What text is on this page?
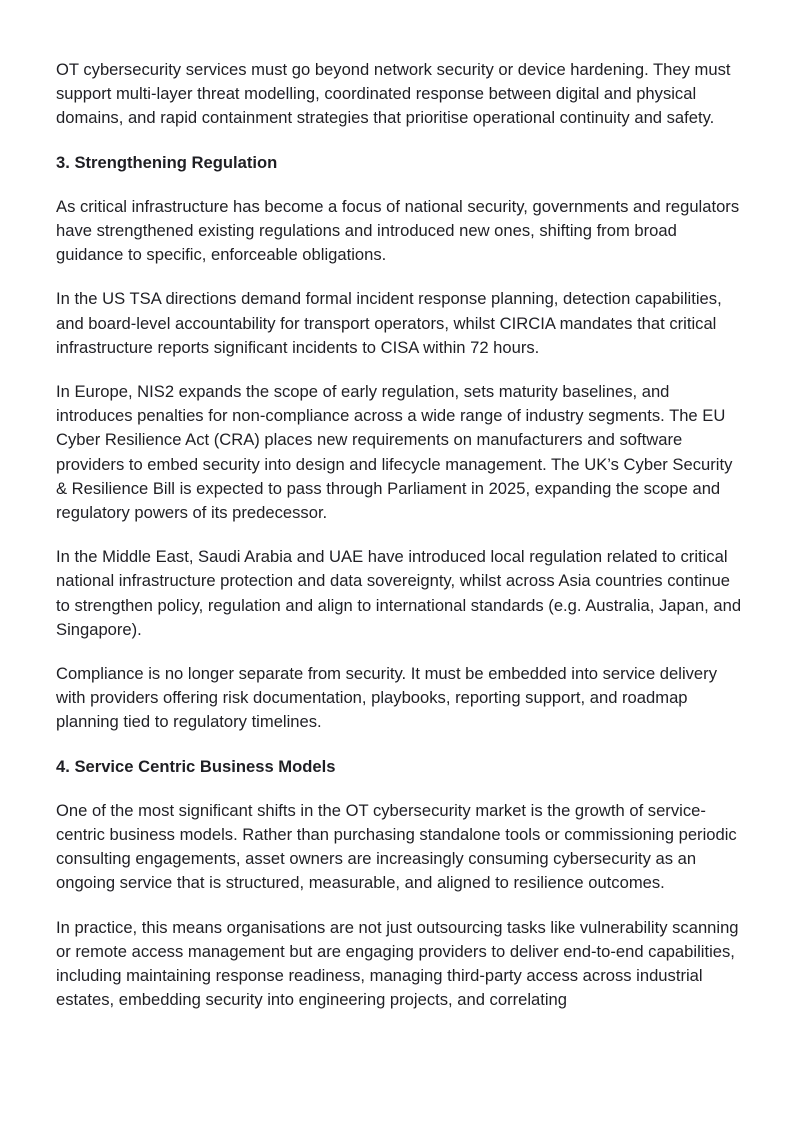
OT cybersecurity services must go beyond network security or device hardening. They must support multi-layer threat modelling, coordinated response between digital and physical domains, and rapid containment strategies that prioritise operational continuity and safety.

3. Strengthening Regulation

As critical infrastructure has become a focus of national security, governments and regulators have strengthened existing regulations and introduced new ones, shifting from broad guidance to specific, enforceable obligations.

In the US TSA directions demand formal incident response planning, detection capabilities, and board-level accountability for transport operators, whilst CIRCIA mandates that critical infrastructure reports significant incidents to CISA within 72 hours.

In Europe, NIS2 expands the scope of early regulation, sets maturity baselines, and introduces penalties for non-compliance across a wide range of industry segments. The EU Cyber Resilience Act (CRA) places new requirements on manufacturers and software providers to embed security into design and lifecycle management. The UK’s Cyber Security & Resilience Bill is expected to pass through Parliament in 2025, expanding the scope and regulatory powers of its predecessor.

In the Middle East, Saudi Arabia and UAE have introduced local regulation related to critical national infrastructure protection and data sovereignty, whilst across Asia countries continue to strengthen policy, regulation and align to international standards (e.g. Australia, Japan, and Singapore).

Compliance is no longer separate from security. It must be embedded into service delivery with providers offering risk documentation, playbooks, reporting support, and roadmap planning tied to regulatory timelines.

4. Service Centric Business Models

One of the most significant shifts in the OT cybersecurity market is the growth of service-centric business models. Rather than purchasing standalone tools or commissioning periodic consulting engagements, asset owners are increasingly consuming cybersecurity as an ongoing service that is structured, measurable, and aligned to resilience outcomes.

In practice, this means organisations are not just outsourcing tasks like vulnerability scanning or remote access management but are engaging providers to deliver end-to-end capabilities, including maintaining response readiness, managing third-party access across industrial estates, embedding security into engineering projects, and correlating
